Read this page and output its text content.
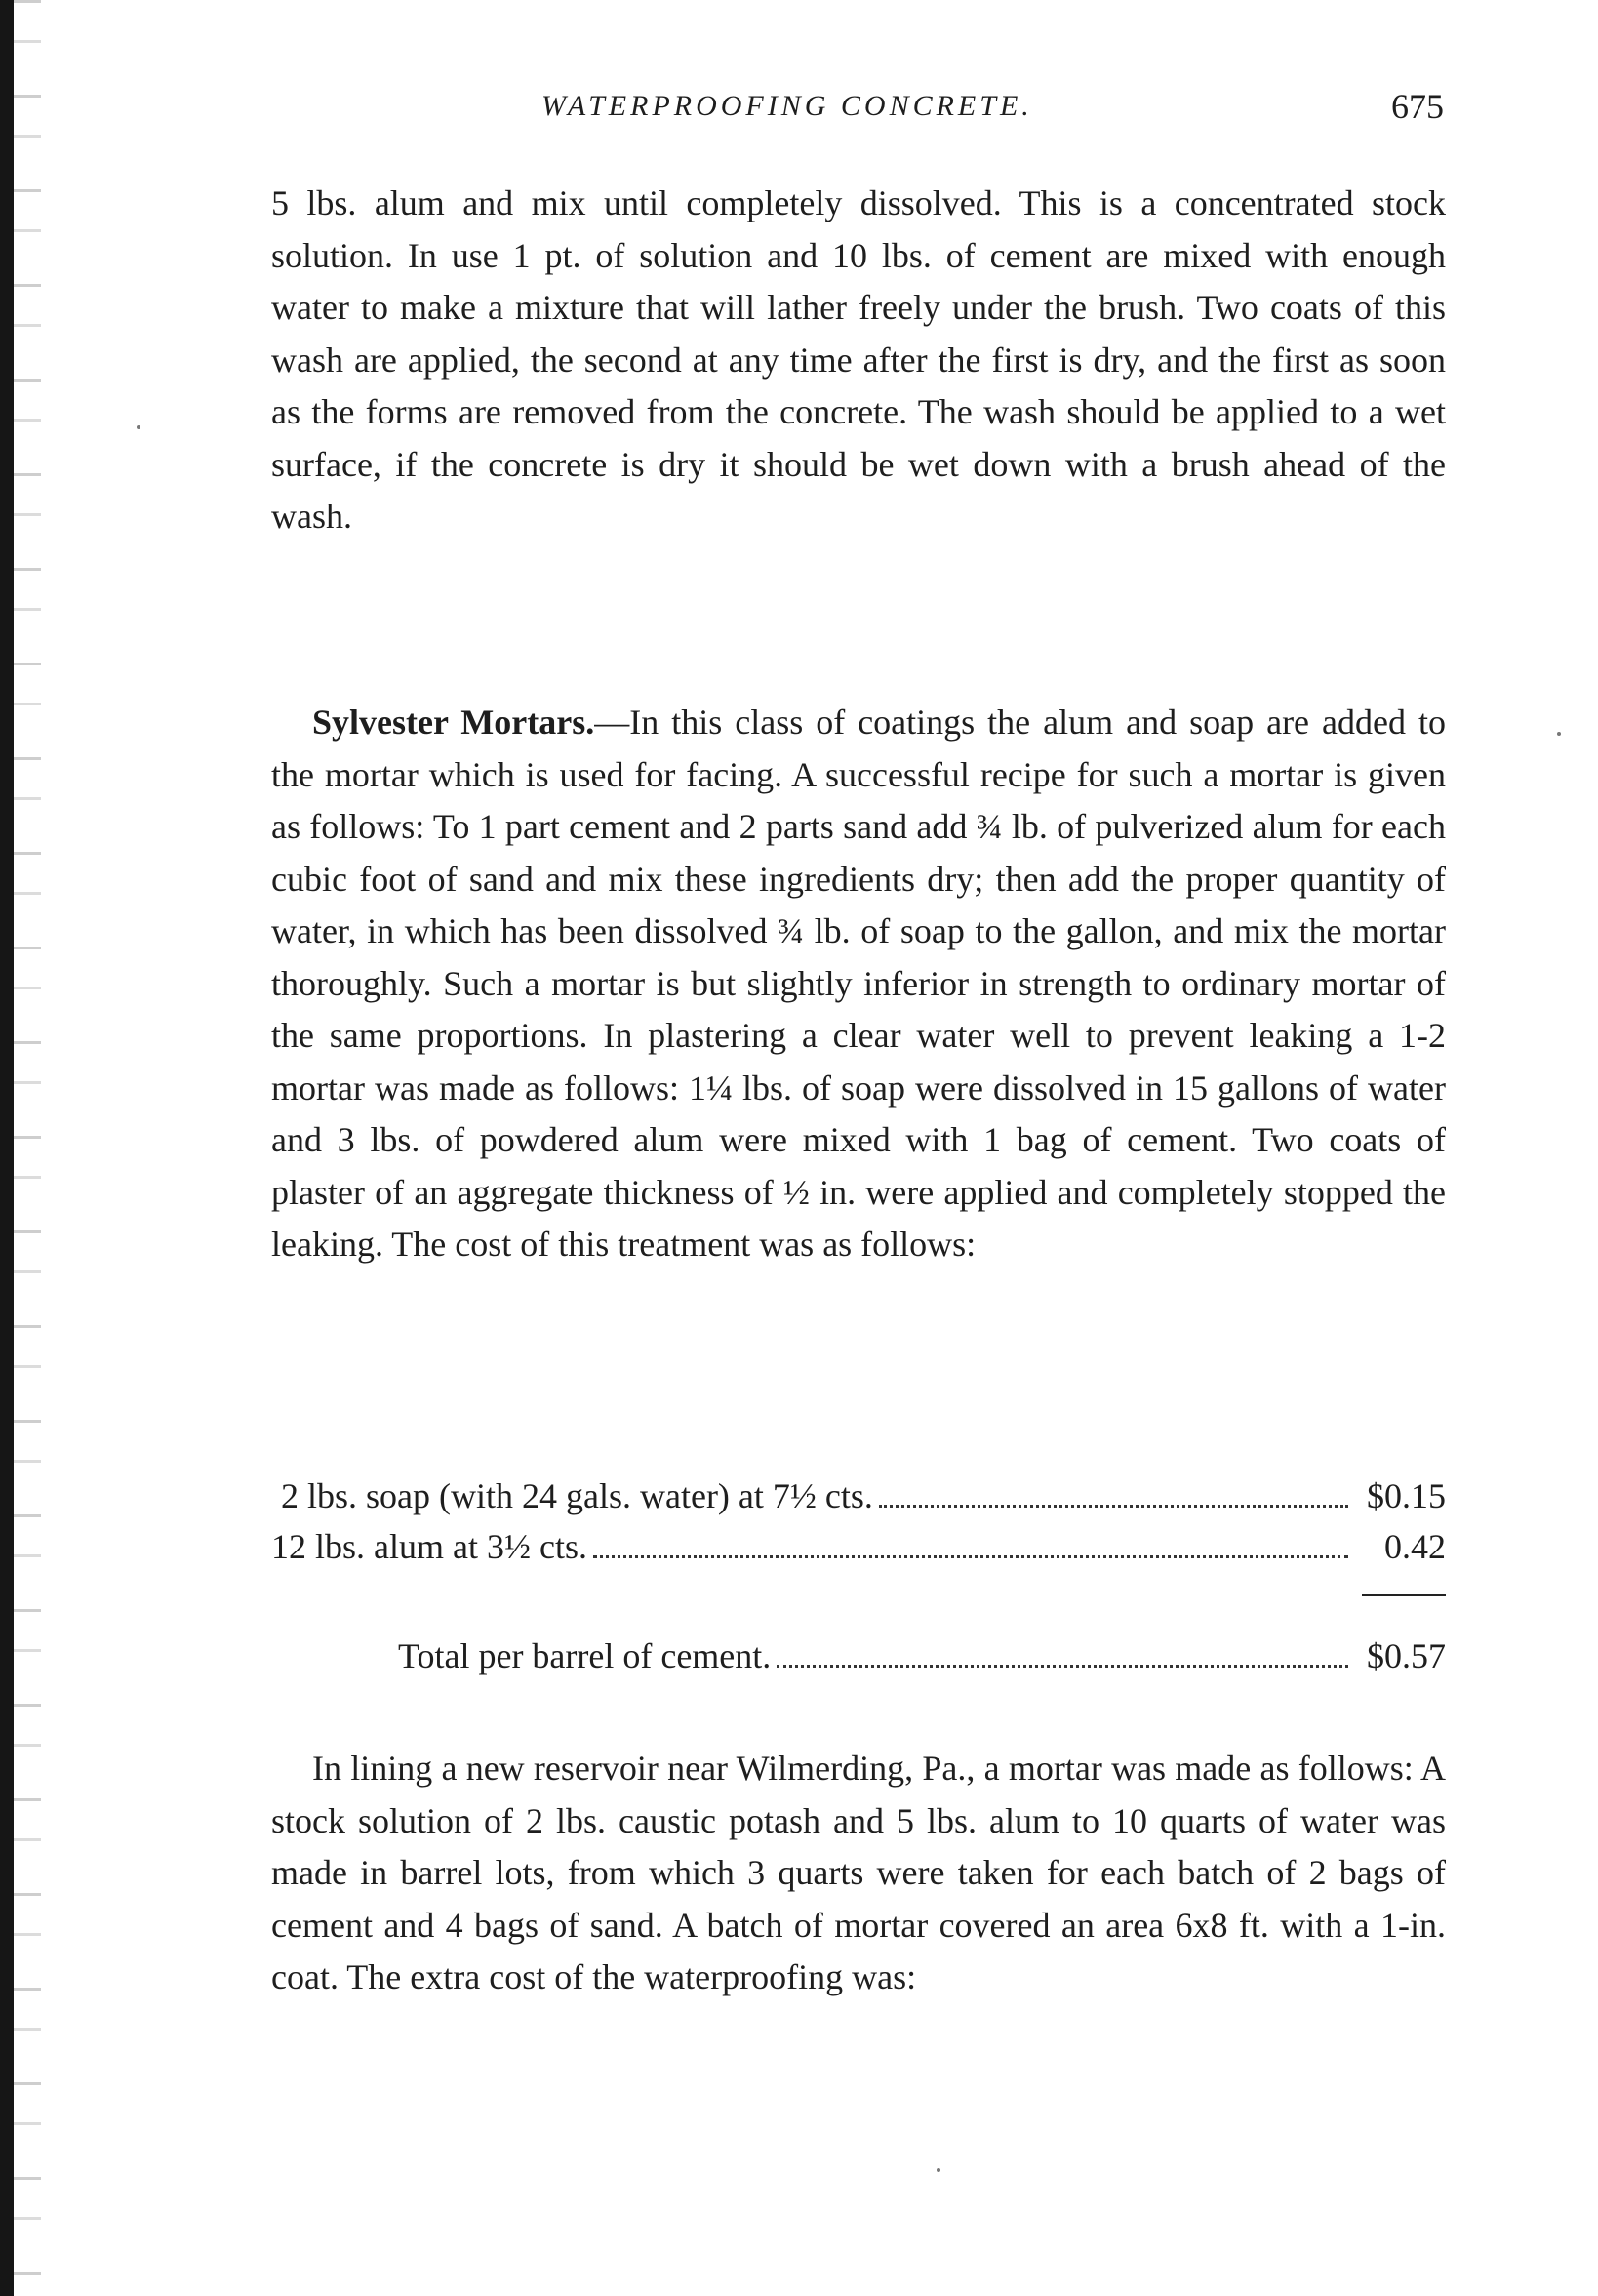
WATERPROOFING CONCRETE.	675

5 lbs. alum and mix until completely dissolved. This is a concentrated stock solution. In use 1 pt. of solution and 10 lbs. of cement are mixed with enough water to make a mixture that will lather freely under the brush. Two coats of this wash are applied, the second at any time after the first is dry, and the first as soon as the forms are removed from the concrete. The wash should be applied to a wet surface, if the concrete is dry it should be wet down with a brush ahead of the wash.

Sylvester Mortars.—In this class of coatings the alum and soap are added to the mortar which is used for facing. A successful recipe for such a mortar is given as follows: To 1 part cement and 2 parts sand add ¾ lb. of pulverized alum for each cubic foot of sand and mix these ingredients dry; then add the proper quantity of water, in which has been dissolved ¾ lb. of soap to the gallon, and mix the mortar thoroughly. Such a mortar is but slightly inferior in strength to ordinary mortar of the same proportions. In plastering a clear water well to prevent leaking a 1-2 mortar was made as follows: 1¼ lbs. of soap were dissolved in 15 gallons of water and 3 lbs. of powdered alum were mixed with 1 bag of cement. Two coats of plaster of an aggregate thickness of ½ in. were applied and completely stopped the leaking. The cost of this treatment was as follows:

2 lbs. soap (with 24 gals. water) at 7½ cts.	$0.15
12 lbs. alum at 3½ cts.	0.42
Total per barrel of cement.	$0.57

In lining a new reservoir near Wilmerding, Pa., a mortar was made as follows: A stock solution of 2 lbs. caustic potash and 5 lbs. alum to 10 quarts of water was made in barrel lots, from which 3 quarts were taken for each batch of 2 bags of cement and 4 bags of sand. A batch of mortar covered an area 6x8 ft. with a 1-in. coat. The extra cost of the waterproofing was:
